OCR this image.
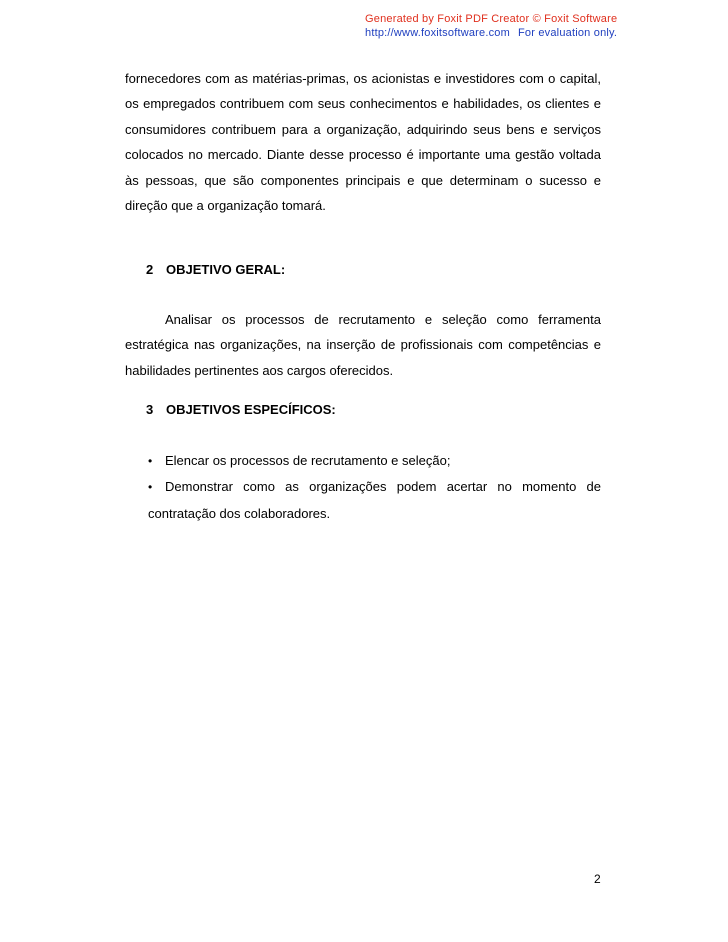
Generated by Foxit PDF Creator © Foxit Software
http://www.foxitsoftware.com For evaluation only.
fornecedores com as matérias-primas, os acionistas e investidores com o capital, os empregados contribuem com seus conhecimentos e habilidades, os clientes e consumidores contribuem para a organização, adquirindo seus bens e serviços colocados no mercado. Diante desse processo é importante uma gestão voltada às pessoas, que são componentes principais e que determinam o sucesso e direção que a organização tomará.
2 OBJETIVO GERAL:
Analisar os processos de recrutamento e seleção como ferramenta estratégica nas organizações, na inserção de profissionais com competências e habilidades pertinentes aos cargos oferecidos.
3 OBJETIVOS ESPECÍFICOS:
• Elencar os processos de recrutamento e seleção;
• Demonstrar como as organizações podem acertar no momento de contratação dos colaboradores.
2
